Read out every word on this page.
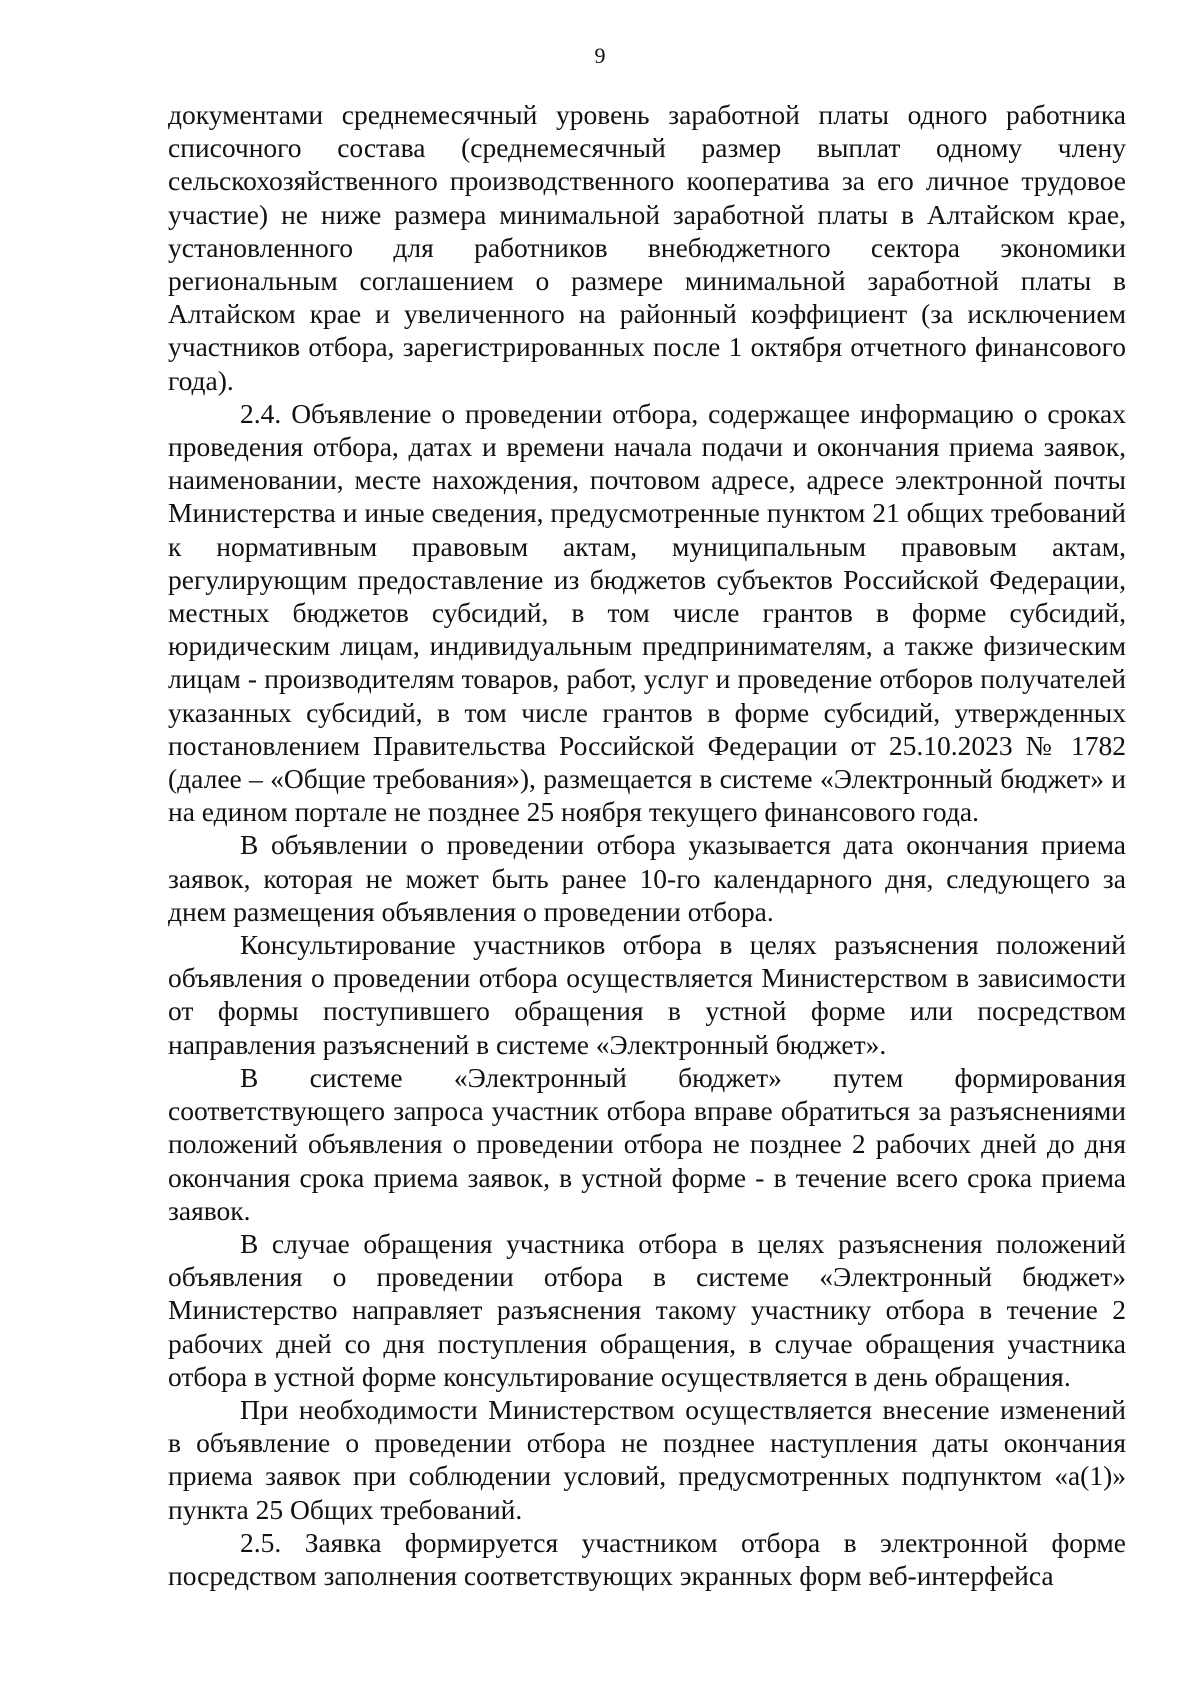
9

документами среднемесячный уровень заработной платы одного работника списочного состава (среднемесячный размер выплат одному члену сельскохозяйственного производственного кооператива за его личное трудовое участие) не ниже размера минимальной заработной платы в Алтайском крае, установленного для работников внебюджетного сектора экономики региональным соглашением о размере минимальной заработной платы в Алтайском крае и увеличенного на районный коэффициент (за исключением участников отбора, зарегистрированных после 1 октября отчетного финансового года).

2.4. Объявление о проведении отбора, содержащее информацию о сроках проведения отбора, датах и времени начала подачи и окончания приема заявок, наименовании, месте нахождения, почтовом адресе, адресе электронной почты Министерства и иные сведения, предусмотренные пунктом 21 общих требований к нормативным правовым актам, муниципальным правовым актам, регулирующим предоставление из бюджетов субъектов Российской Федерации, местных бюджетов субсидий, в том числе грантов в форме субсидий, юридическим лицам, индивидуальным предпринимателям, а также физическим лицам - производителям товаров, работ, услуг и проведение отборов получателей указанных субсидий, в том числе грантов в форме субсидий, утвержденных постановлением Правительства Российской Федерации от 25.10.2023 № 1782 (далее – «Общие требования»), размещается в системе «Электронный бюджет» и на едином портале не позднее 25 ноября текущего финансового года.

В объявлении о проведении отбора указывается дата окончания приема заявок, которая не может быть ранее 10-го календарного дня, следующего за днем размещения объявления о проведении отбора.

Консультирование участников отбора в целях разъяснения положений объявления о проведении отбора осуществляется Министерством в зависимости от формы поступившего обращения в устной форме или посредством направления разъяснений в системе «Электронный бюджет».

В системе «Электронный бюджет» путем формирования соответствующего запроса участник отбора вправе обратиться за разъяснениями положений объявления о проведении отбора не позднее 2 рабочих дней до дня окончания срока приема заявок, в устной форме - в течение всего срока приема заявок.

В случае обращения участника отбора в целях разъяснения положений объявления о проведении отбора в системе «Электронный бюджет» Министерство направляет разъяснения такому участнику отбора в течение 2 рабочих дней со дня поступления обращения, в случае обращения участника отбора в устной форме консультирование осуществляется в день обращения.

При необходимости Министерством осуществляется внесение изменений в объявление о проведении отбора не позднее наступления даты окончания приема заявок при соблюдении условий, предусмотренных подпунктом «а(1)» пункта 25 Общих требований.

2.5. Заявка формируется участником отбора в электронной форме посредством заполнения соответствующих экранных форм веб-интерфейса
